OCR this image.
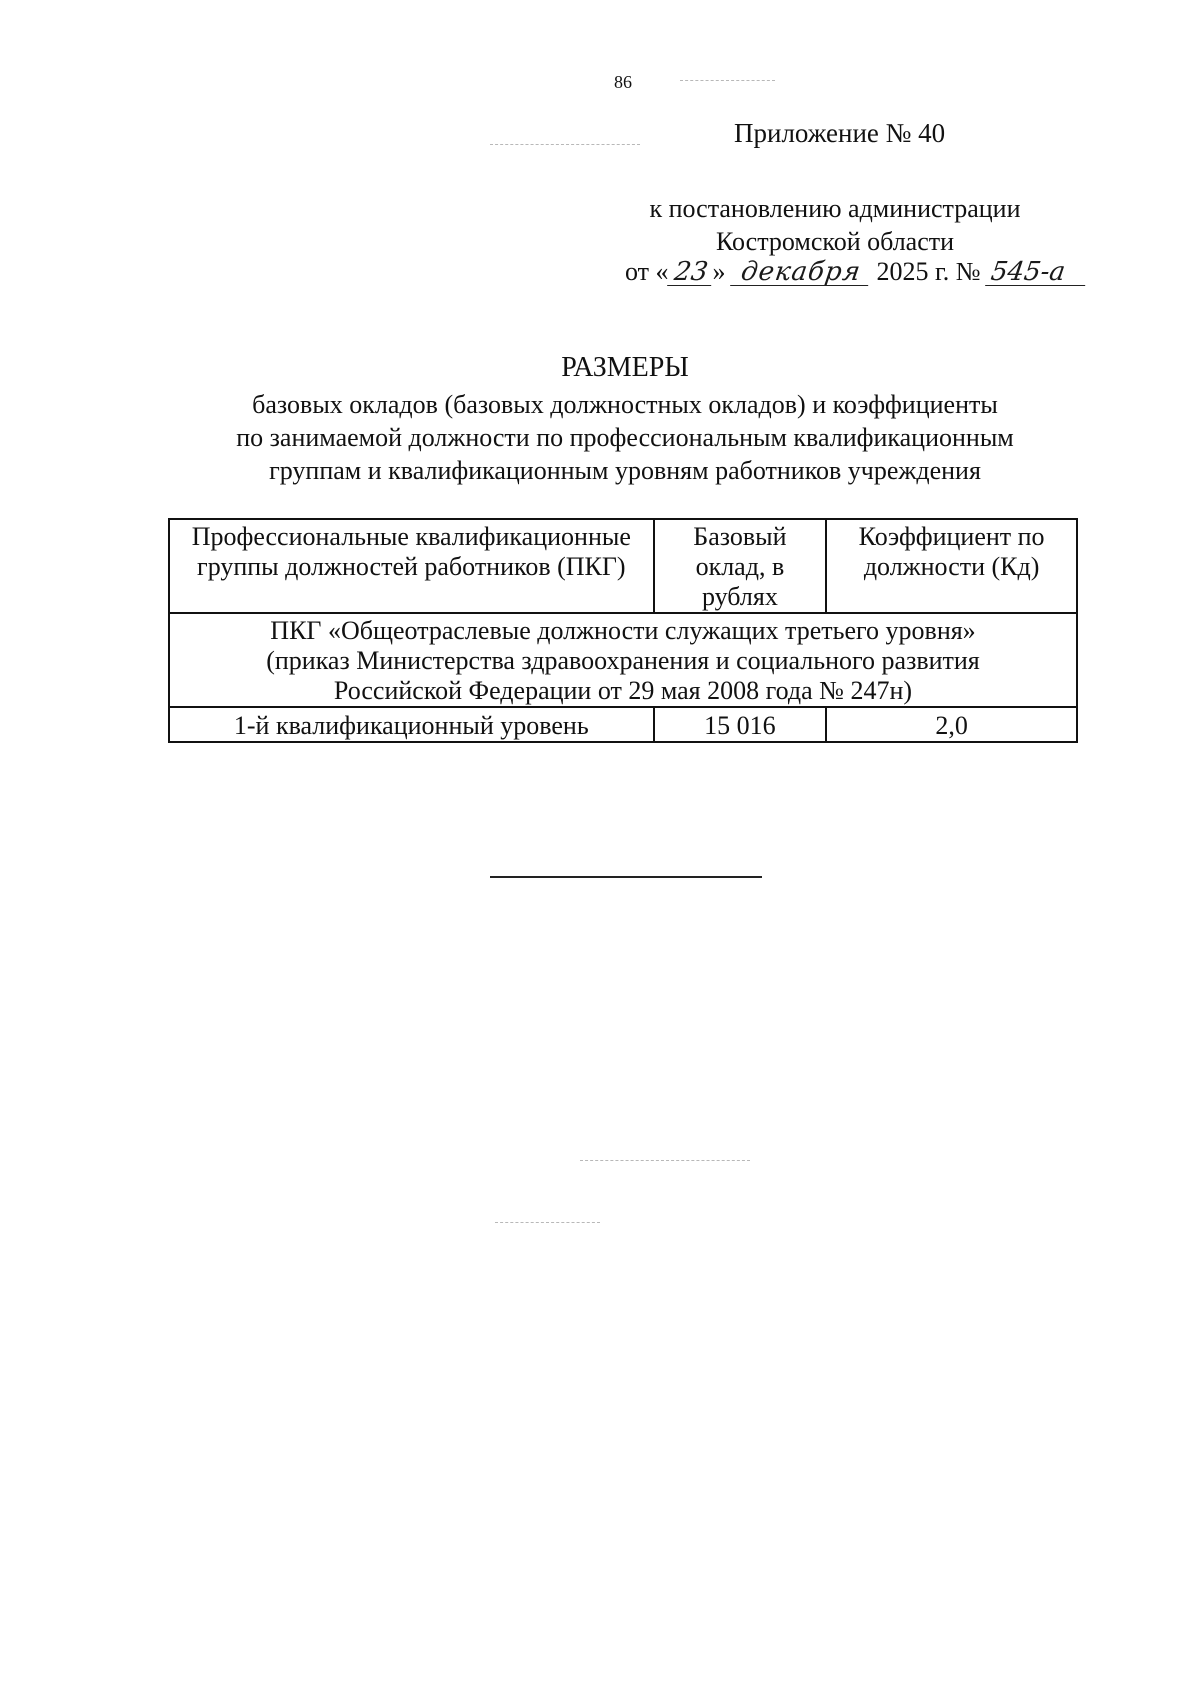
86
Приложение № 40
к постановлению администрации
Костромской области
от « 23 » декабря 2025 г. № 545-а
РАЗМЕРЫ
базовых окладов (базовых должностных окладов) и коэффициенты
по занимаемой должности по профессиональным квалификационным
группам и квалификационным уровням работников учреждения
Профессиональные квалификационные группы должностей работников (ПКГ)	Базовый оклад, в рублях	Коэффициент по должности (Кд)

ПКГ «Общеотраслевые должности служащих третьего уровня»
(приказ Министерства здравоохранения и социального развития
Российской Федерации от 29 мая 2008 года № 247н)		

1-й квалификационный уровень	15 016	2,0
